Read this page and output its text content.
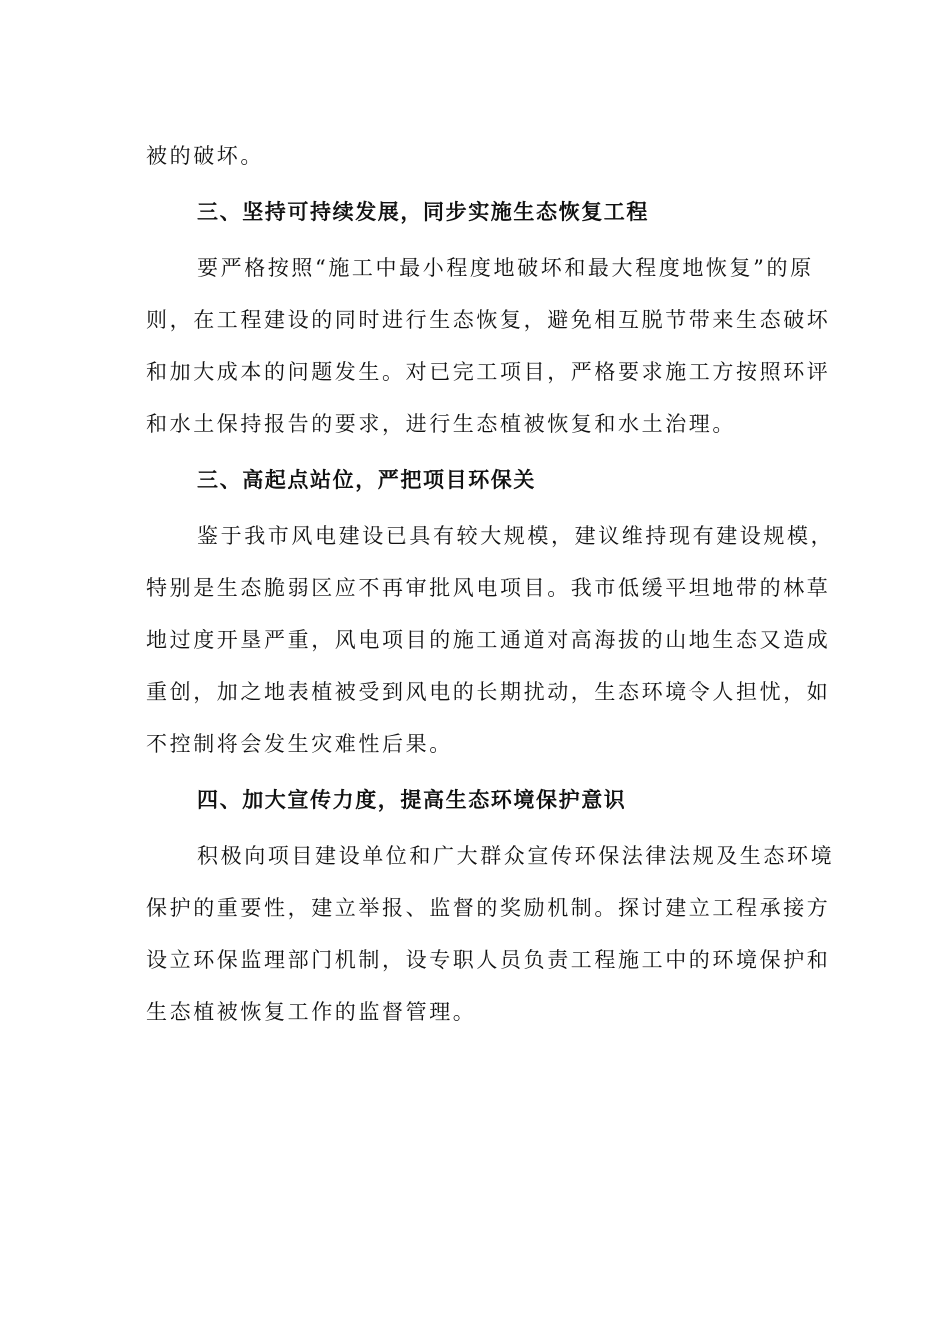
被的破坏。

三、坚持可持续发展，同步实施生态恢复工程

要严格按照“施工中最小程度地破坏和最大程度地恢复”的原
则，在工程建设的同时进行生态恢复，避免相互脱节带来生态破坏
和加大成本的问题发生。对已完工项目，严格要求施工方按照环评
和水土保持报告的要求，进行生态植被恢复和水土治理。

三、高起点站位，严把项目环保关

鉴于我市风电建设已具有较大规模，建议维持现有建设规模，
特别是生态脆弱区应不再审批风电项目。我市低缓平坦地带的林草
地过度开垦严重，风电项目的施工通道对高海拔的山地生态又造成
重创，加之地表植被受到风电的长期扰动，生态环境令人担忧，如
不控制将会发生灾难性后果。

四、加大宣传力度，提高生态环境保护意识

积极向项目建设单位和广大群众宣传环保法律法规及生态环境
保护的重要性，建立举报、监督的奖励机制。探讨建立工程承接方
设立环保监理部门机制，设专职人员负责工程施工中的环境保护和
生态植被恢复工作的监督管理。
